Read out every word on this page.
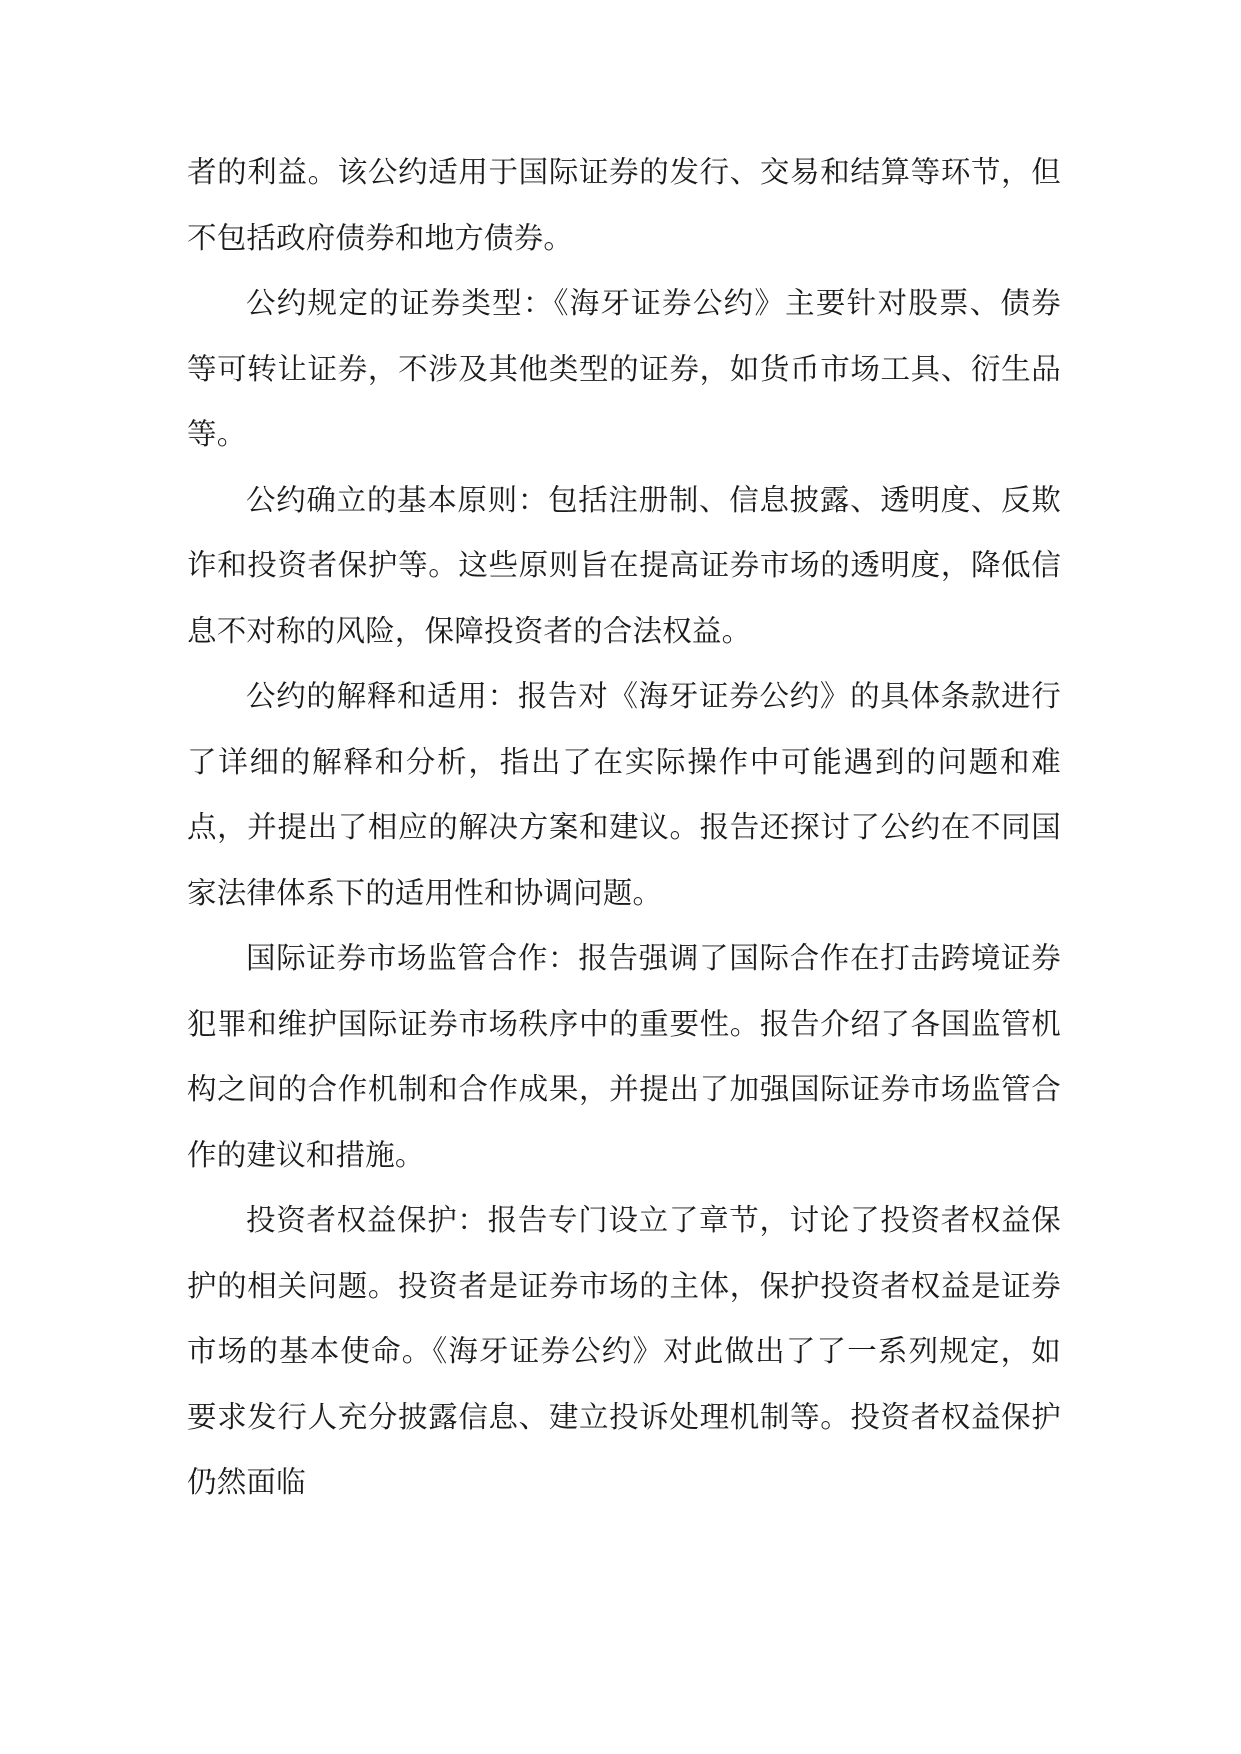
者的利益。该公约适用于国际证券的发行、交易和结算等环节，但不包括政府债券和地方债券。

公约规定的证券类型：《海牙证券公约》主要针对股票、债券等可转让证券，不涉及其他类型的证券，如货币市场工具、衍生品等。

公约确立的基本原则：包括注册制、信息披露、透明度、反欺诈和投资者保护等。这些原则旨在提高证券市场的透明度，降低信息不对称的风险，保障投资者的合法权益。

公约的解释和适用：报告对《海牙证券公约》的具体条款进行了详细的解释和分析，指出了在实际操作中可能遇到的问题和难点，并提出了相应的解决方案和建议。报告还探讨了公约在不同国家法律体系下的适用性和协调问题。

国际证券市场监管合作：报告强调了国际合作在打击跨境证券犯罪和维护国际证券市场秩序中的重要性。报告介绍了各国监管机构之间的合作机制和合作成果，并提出了加强国际证券市场监管合作的建议和措施。

投资者权益保护：报告专门设立了章节，讨论了投资者权益保护的相关问题。投资者是证券市场的主体，保护投资者权益是证券市场的基本使命。《海牙证券公约》对此做出了了一系列规定，如要求发行人充分披露信息、建立投诉处理机制等。投资者权益保护仍然面临
